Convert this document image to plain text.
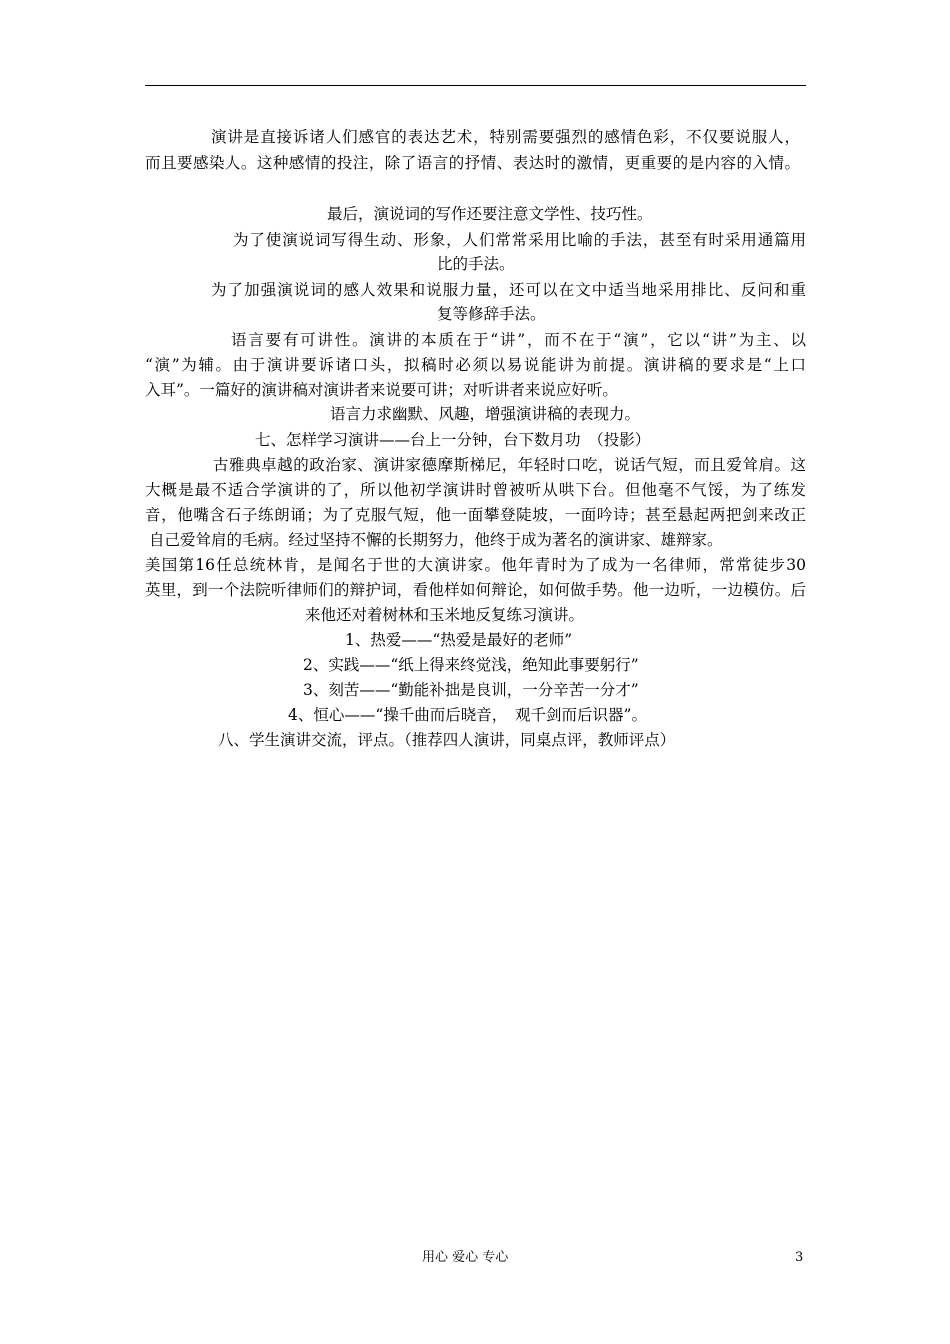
演讲是直接诉诸人们感官的表达艺术，特别需要强烈的感情色彩，不仅要说服人，
而且要感染人。这种感情的投注，除了语言的抒情、表达时的激情，更重要的是内容的入情。
最后，演说词的写作还要注意文学性、技巧性。
为了使演说词写得生动、形象，人们常常采用比喻的手法，甚至有时采用通篇用
比的手法。
为了加强演说词的感人效果和说服力量，还可以在文中适当地采用排比、反问和重
复等修辞手法。
语言要有可讲性。演讲的本质在于“讲”，而不在于“演”，它以“讲”为主、以
“演”为辅。由于演讲要诉诸口头，拟稿时必须以易说能讲为前提。演讲稿的要求是“上口
入耳”。一篇好的演讲稿对演讲者来说要可讲；对听讲者来说应好听。
语言力求幽默、风趣，增强演讲稿的表现力。
七、怎样学习演讲——台上一分钟，台下数月功　（投影）
古雅典卓越的政治家、演讲家德摩斯梯尼，年轻时口吃，说话气短，而且爱耸肩。这
大概是最不适合学演讲的了，所以他初学演讲时曾被听从哄下台。但他毫不气馁，为了练发
音，他嘴含石子练朗诵；为了克服气短，他一面攀登陡坡，一面吟诗；甚至悬起两把剑来改正
自己爱耸肩的毛病。经过坚持不懈的长期努力，他终于成为著名的演讲家、雄辩家。
美国第16任总统林肯，是闻名于世的大演讲家。他年青时为了成为一名律师，常常徒步30
英里，到一个法院听律师们的辩护词，看他样如何辩论，如何做手势。他一边听，一边模仿。后
来他还对着树林和玉米地反复练习演讲。
1、热爱——“热爱是最好的老师”
2、实践——“纸上得来终觉浅，绝知此事要躬行”
3、刻苦——“勤能补拙是良训，一分辛苦一分才”
4、恒心——“操千曲而后晓音，　观千剑而后识器”。
八、学生演讲交流，评点。（推荐四人演讲，同桌点评，教师评点）
用心 爱心 专心	3
